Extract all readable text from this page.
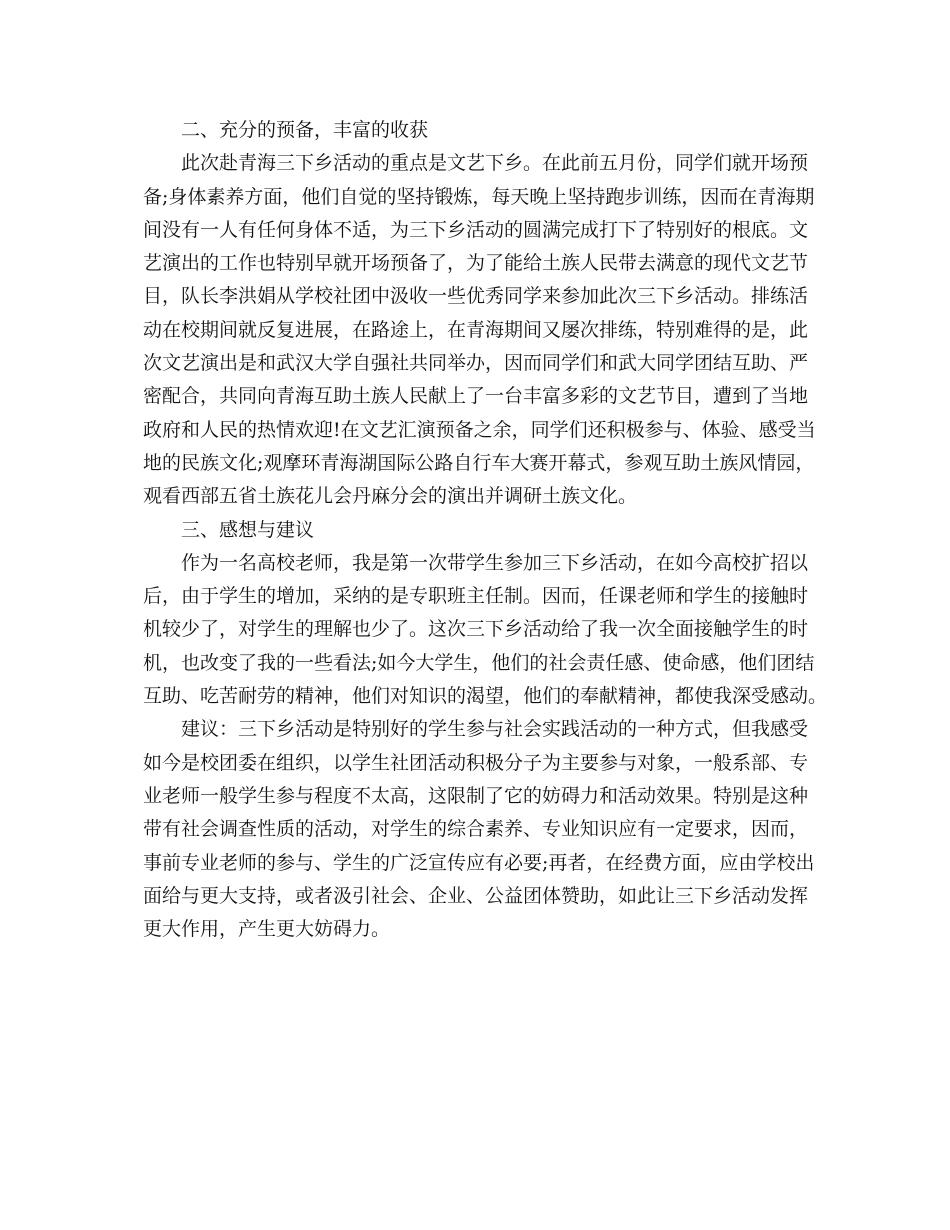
二、充分的预备，丰富的收获
此次赴青海三下乡活动的重点是文艺下乡。在此前五月份，同学们就开场预
备;身体素养方面，他们自觉的坚持锻炼，每天晚上坚持跑步训练，因而在青海期
间没有一人有任何身体不适，为三下乡活动的圆满完成打下了特别好的根底。文
艺演出的工作也特别早就开场预备了，为了能给土族人民带去满意的现代文艺节
目，队长李洪娟从学校社团中汲收一些优秀同学来参加此次三下乡活动。排练活
动在校期间就反复进展，在路途上，在青海期间又屡次排练，特别难得的是，此
次文艺演出是和武汉大学自强社共同举办，因而同学们和武大同学团结互助、严
密配合，共同向青海互助土族人民献上了一台丰富多彩的文艺节目，遭到了当地
政府和人民的热情欢迎!在文艺汇演预备之余，同学们还积极参与、体验、感受当
地的民族文化;观摩环青海湖国际公路自行车大赛开幕式，参观互助土族风情园，
观看西部五省土族花儿会丹麻分会的演出并调研土族文化。
三、感想与建议
作为一名高校老师，我是第一次带学生参加三下乡活动，在如今高校扩招以
后，由于学生的增加，采纳的是专职班主任制。因而，任课老师和学生的接触时
机较少了，对学生的理解也少了。这次三下乡活动给了我一次全面接触学生的时
机，也改变了我的一些看法;如今大学生，他们的社会责任感、使命感，他们团结
互助、吃苦耐劳的精神，他们对知识的渴望，他们的奉献精神，都使我深受感动。
建议：三下乡活动是特别好的学生参与社会实践活动的一种方式，但我感受
如今是校团委在组织，以学生社团活动积极分子为主要参与对象，一般系部、专
业老师一般学生参与程度不太高，这限制了它的妨碍力和活动效果。特别是这种
带有社会调查性质的活动，对学生的综合素养、专业知识应有一定要求，因而，
事前专业老师的参与、学生的广泛宣传应有必要;再者，在经费方面，应由学校出
面给与更大支持，或者汲引社会、企业、公益团体赞助，如此让三下乡活动发挥
更大作用，产生更大妨碍力。
